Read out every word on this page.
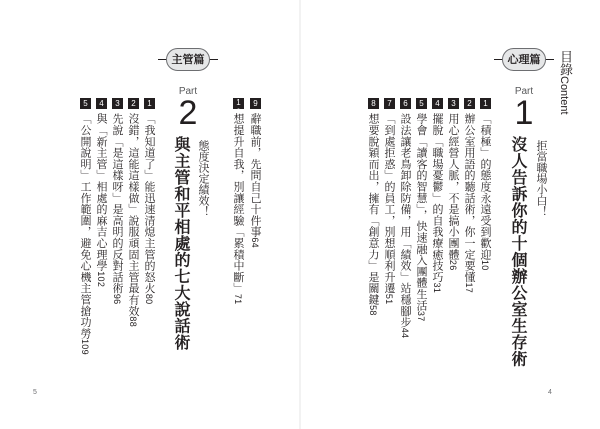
目錄Content
心理篇
Part
1
拒當職場小白！
沒人告訴你的十個辦公室生存術
1「積極」的態度永遠受到歡迎10
2辦公室用語的聽話術，你一定要懂17
3用心經營人脈，不是搞小團體26
4擺脫「職場憂鬱」的自我療癒技巧31
5學會「讀客的智慧」，快速融入團體生活37
6設法讓老鳥卸除防備，用「績效」站穩腳步44
7「到處拒惑」的員工，別想順利升遷51
8想要脫穎而出，擁有「創意力」是關鍵58
4
主管篇
Part
2
態度決定績效！
與主管和平相處的七大說話術
9辭職前，先問自己十件事64
10想提升自我，別讓經驗「累積中斷」71
1「我知道了」能迅速清熄主管的怒火80
2沒錯，這能這樣做」說服頑固主管最有效88
3先說「是這樣呀」是高明的反對話術96
4與「新主管」相處的麻吉心理學102
5「公開說明」工作範圍，避免心機主管搶功勞109
5
